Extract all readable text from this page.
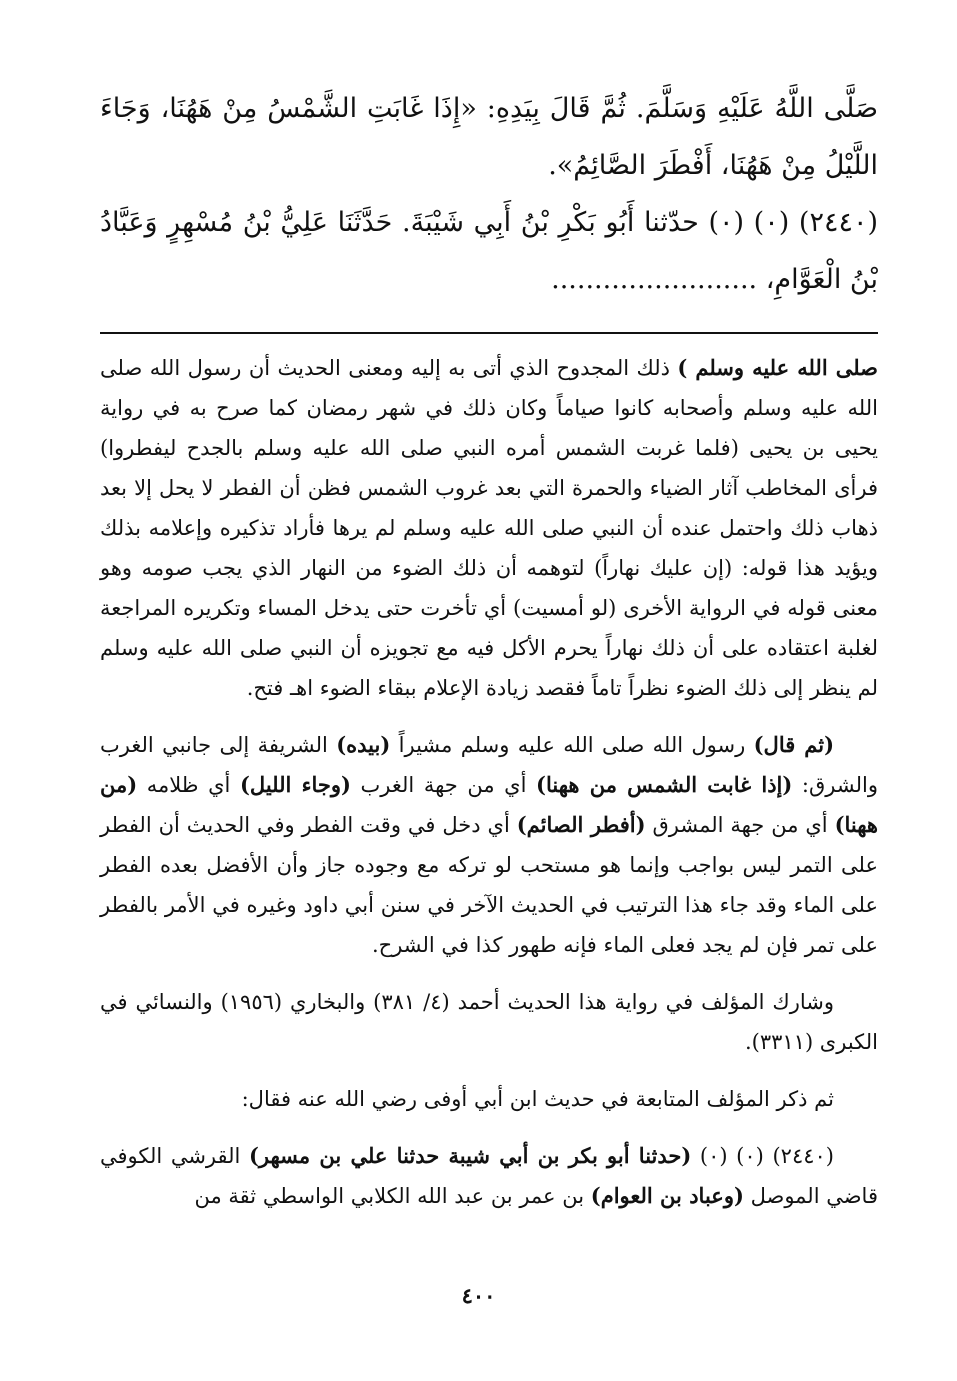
صَلَّى اللَّهُ عَلَيْهِ وَسَلَّمَ. ثُمَّ قَالَ بِيَدِهِ: «إِذَا غَابَتِ الشَّمْسُ مِنْ هَهُنَا، وَجَاءَ اللَّيْلُ مِنْ هَهُنَا، أَفْطَرَ الصَّائِمُ».

(٢٤٤٠) (٠) (٠) حدّثنا أَبُو بَكْرِ بْنُ أَبِي شَيْبَةَ. حَدَّثَنَا عَلِيُّ بْنُ مُسْهِرٍ وَعَبَّادُ بْنُ الْعَوَّامِ، ........................

صلى الله عليه وسلم ) ذلك المجدوح الذي أتى به إليه ومعنى الحديث أن رسول الله صلى الله عليه وسلم وأصحابه كانوا صياماً وكان ذلك في شهر رمضان كما صرح به في رواية يحيى بن يحيى (فلما غربت الشمس أمره النبي صلى الله عليه وسلم بالجدح ليفطروا) فرأى المخاطب آثار الضياء والحمرة التي بعد غروب الشمس فظن أن الفطر لا يحل إلا بعد ذهاب ذلك واحتمل عنده أن النبي صلى الله عليه وسلم لم يرها فأراد تذكيره وإعلامه بذلك ويؤيد هذا قوله: (إن عليك نهاراً) لتوهمه أن ذلك الضوء من النهار الذي يجب صومه وهو معنى قوله في الرواية الأخرى (لو أمسيت) أي تأخرت حتى يدخل المساء وتكريره المراجعة لغلبة اعتقاده على أن ذلك نهاراً يحرم الأكل فيه مع تجويزه أن النبي صلى الله عليه وسلم لم ينظر إلى ذلك الضوء نظراً تاماً فقصد زيادة الإعلام ببقاء الضوء اهـ فتح.

(ثم قال) رسول الله صلى الله عليه وسلم مشيراً (بيده) الشريفة إلى جانبي الغرب والشرق: (إذا غابت الشمس من ههنا) أي من جهة الغرب (وجاء الليل) أي ظلامه (من ههنا) أي من جهة المشرق (أفطر الصائم) أي دخل في وقت الفطر وفي الحديث أن الفطر على التمر ليس بواجب وإنما هو مستحب لو تركه مع وجوده جاز وأن الأفضل بعده الفطر على الماء وقد جاء هذا الترتيب في الحديث الآخر في سنن أبي داود وغيره في الأمر بالفطر على تمر فإن لم يجد فعلى الماء فإنه طهور كذا في الشرح.

وشارك المؤلف في رواية هذا الحديث أحمد (٤/ ٣٨١) والبخاري (١٩٥٦) والنسائي في الكبرى (٣٣١١).

ثم ذكر المؤلف المتابعة في حديث ابن أبي أوفى رضي الله عنه فقال:

(٢٤٤٠) (٠) (٠) (حدثنا أبو بكر بن أبي شيبة حدثنا علي بن مسهر) القرشي الكوفي قاضي الموصل (وعباد بن العوام) بن عمر بن عبد الله الكلابي الواسطي ثقة من

٤٠٠
